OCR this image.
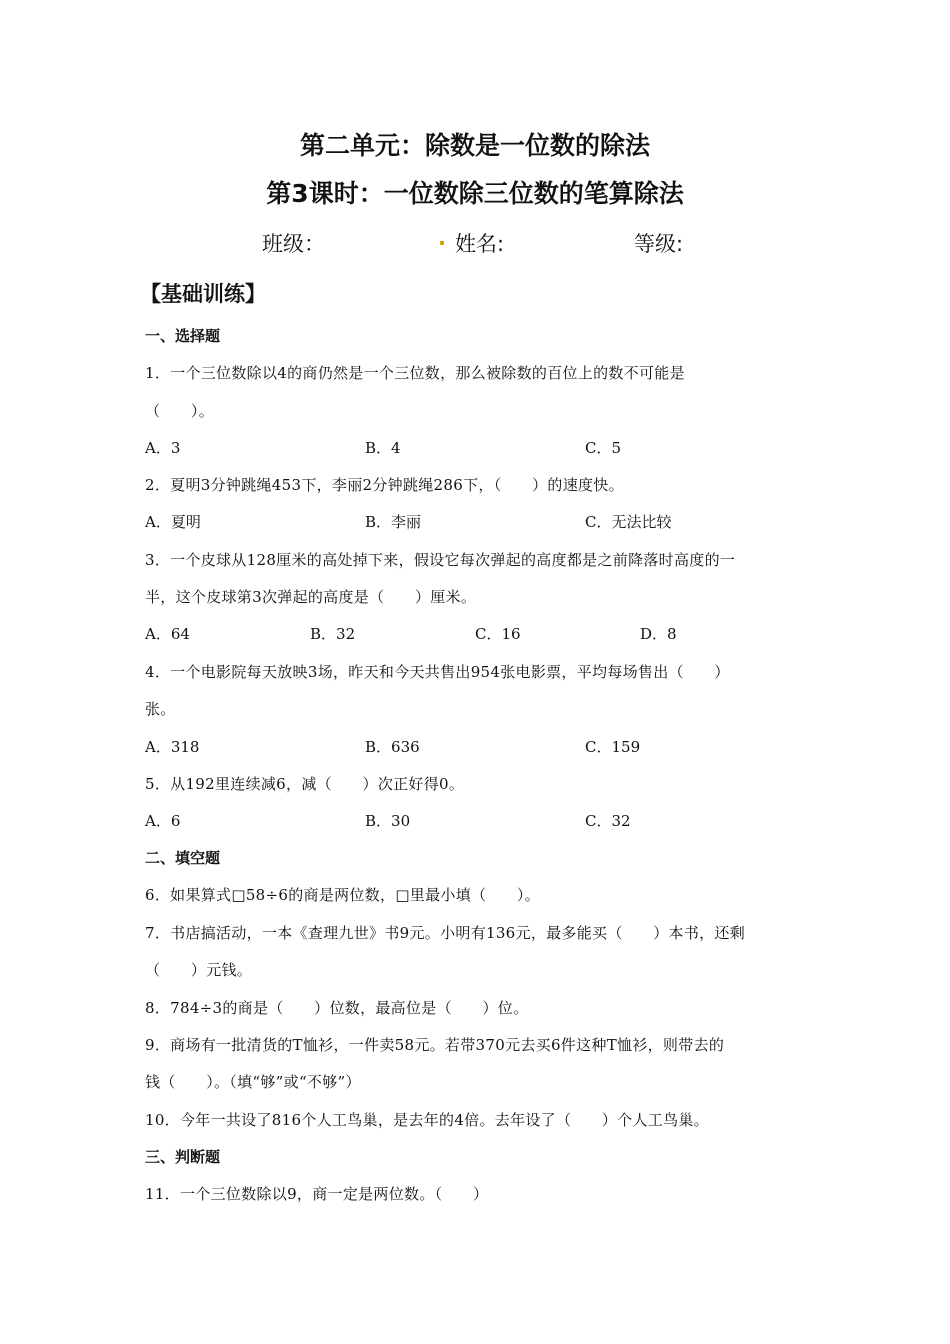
第二单元：除数是一位数的除法
第3课时：一位数除三位数的笔算除法
班级：	. 姓名:	等级:
【基础训练】
一、选择题
1．一个三位数除以4的商仍然是一个三位数，那么被除数的百位上的数不可能是
（　　）。
A．3	B．4	C．5
2．夏明3分钟跳绳453下，李丽2分钟跳绳286下，（　　）的速度快。
A．夏明	B．李丽	C．无法比较
3．一个皮球从128厘米的高处掉下来，假设它每次弹起的高度都是之前降落时高度的一
半，这个皮球第3次弹起的高度是（　　）厘米。
A．64	B．32	C．16	D．8
4．一个电影院每天放映3场，昨天和今天共售出954张电影票，平均每场售出（　　）
张。
A．318	B．636	C．159
5．从192里连续减6，减（　　）次正好得0。
A．6	B．30	C．32
二、填空题
6．如果算式□58÷6的商是两位数，□里最小填（　　）。
7．书店搞活动，一本《查理九世》书9元。小明有136元，最多能买（　　）本书，还剩
（　　）元钱。
8．784÷3的商是（　　）位数，最高位是（　　）位。
9．商场有一批清货的T恤衫，一件卖58元。若带370元去买6件这种T恤衫，则带去的
钱（　　）。（填“够”或“不够”）
10．今年一共设了816个人工鸟巢，是去年的4倍。去年设了（　　）个人工鸟巢。
三、判断题
11．一个三位数除以9，商一定是两位数。（　　）
